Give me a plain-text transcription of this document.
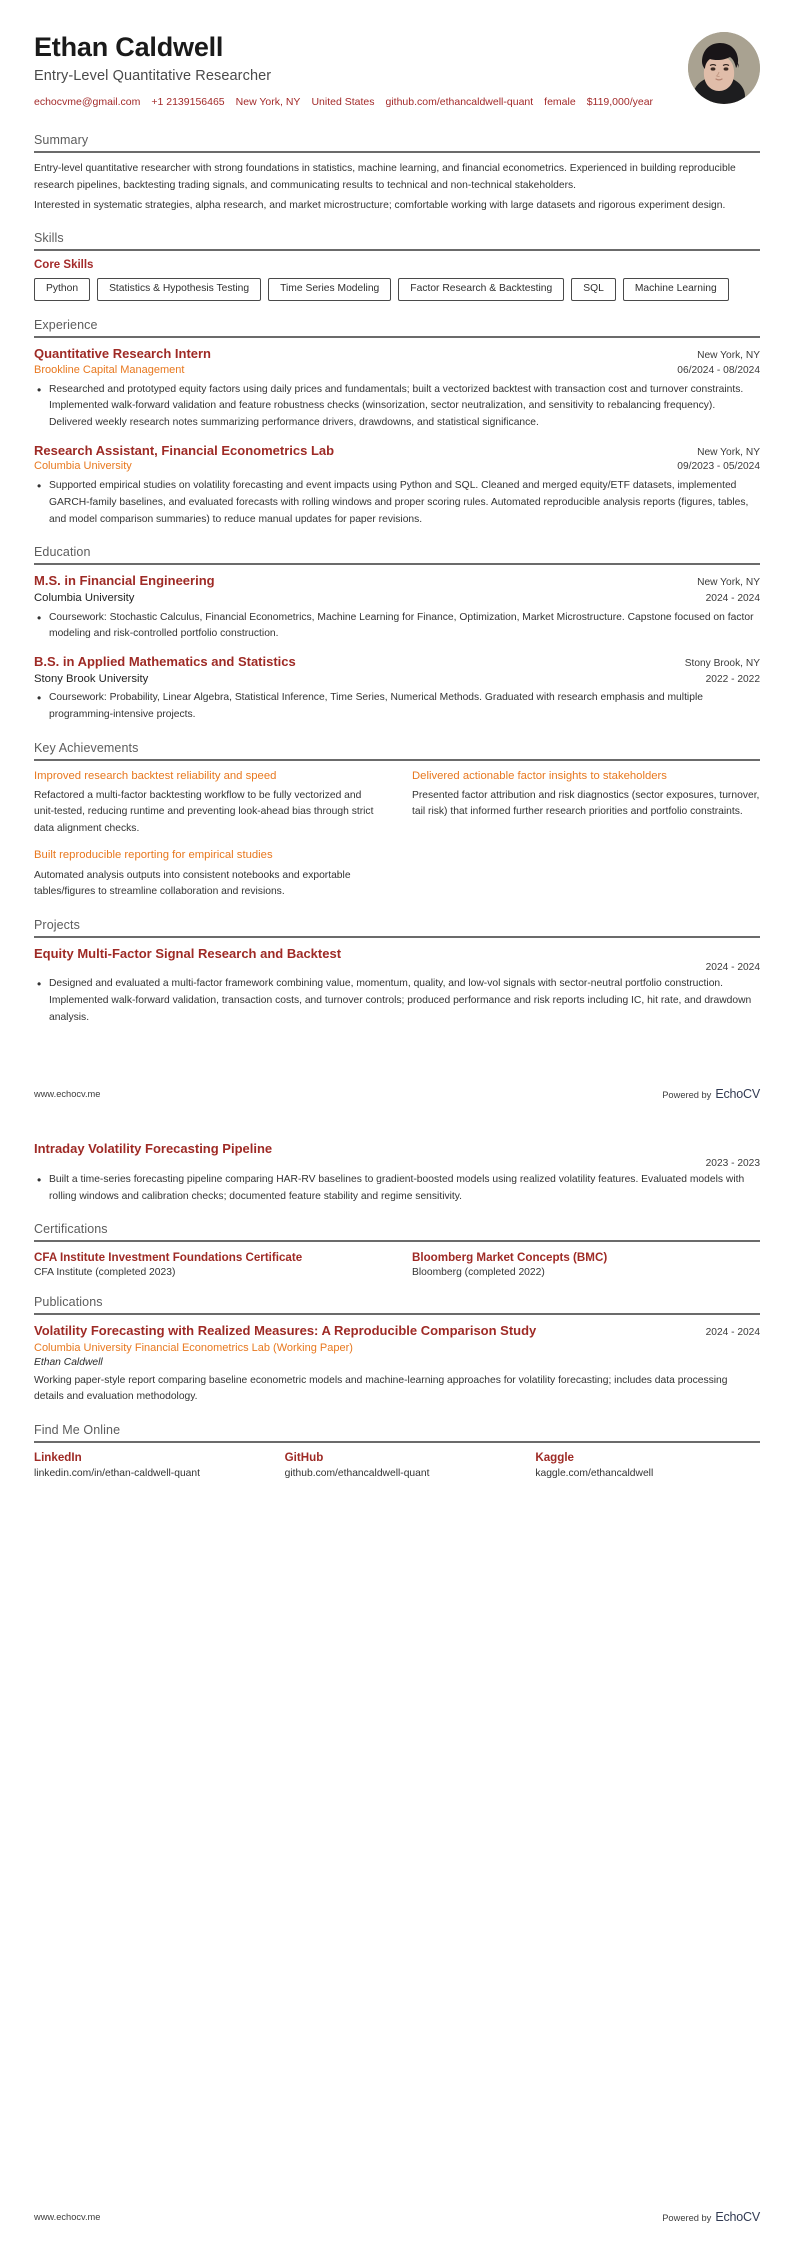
Ethan Caldwell
Entry-Level Quantitative Researcher
echocvme@gmail.com +1 2139156465 New York, NY United States github.com/ethancaldwell-quant female $119,000/year
Summary

Entry-level quantitative researcher with strong foundations in statistics, machine learning, and financial econometrics. Experienced in building reproducible research pipelines, backtesting trading signals, and communicating results to technical and non-technical stakeholders.

Interested in systematic strategies, alpha research, and market microstructure; comfortable working with large datasets and rigorous experiment design.

Skills
Core Skills
Python	Statistics & Hypothesis Testing	Time Series Modeling	Factor Research & Backtesting	SQL	Machine Learning
Experience
Quantitative Research Intern	New York, NY
Brookline Capital Management	06/2024 - 08/2024
• Researched and prototyped equity factors using daily prices and fundamentals; built a vectorized backtest with transaction cost and turnover constraints. Implemented walk-forward validation and feature robustness checks (winsorization, sector neutralization, and sensitivity to rebalancing frequency). Delivered weekly research notes summarizing performance drivers, drawdowns, and statistical significance.
Research Assistant, Financial Econometrics Lab	New York, NY
Columbia University	09/2023 - 05/2024
• Supported empirical studies on volatility forecasting and event impacts using Python and SQL. Cleaned and merged equity/ETF datasets, implemented GARCH-family baselines, and evaluated forecasts with rolling windows and proper scoring rules. Automated reproducible analysis reports (figures, tables, and model comparison summaries) to reduce manual updates for paper revisions.
Education
M.S. in Financial Engineering	New York, NY
Columbia University	2024 - 2024
• Coursework: Stochastic Calculus, Financial Econometrics, Machine Learning for Finance, Optimization, Market Microstructure. Capstone focused on factor modeling and risk-controlled portfolio construction.
B.S. in Applied Mathematics and Statistics	Stony Brook, NY
Stony Brook University	2022 - 2022
• Coursework: Probability, Linear Algebra, Statistical Inference, Time Series, Numerical Methods. Graduated with research emphasis and multiple programming-intensive projects.
Key Achievements
Improved research backtest reliability and speed
Refactored a multi-factor backtesting workflow to be fully vectorized and unit-tested, reducing runtime and preventing look-ahead bias through strict data alignment checks.
Delivered actionable factor insights to stakeholders
Presented factor attribution and risk diagnostics (sector exposures, turnover, tail risk) that informed further research priorities and portfolio constraints.
Built reproducible reporting for empirical studies
Automated analysis outputs into consistent notebooks and exportable tables/figures to streamline collaboration and revisions.
Projects
Equity Multi-Factor Signal Research and Backtest
2024 - 2024
• Designed and evaluated a multi-factor framework combining value, momentum, quality, and low-vol signals with sector-neutral portfolio construction. Implemented walk-forward validation, transaction costs, and turnover controls; produced performance and risk reports including IC, hit rate, and drawdown analysis.
www.echocv.me	Powered by EchoCV
Intraday Volatility Forecasting Pipeline
2023 - 2023
• Built a time-series forecasting pipeline comparing HAR-RV baselines to gradient-boosted models using realized volatility features. Evaluated models with rolling windows and calibration checks; documented feature stability and regime sensitivity.
Certifications
CFA Institute Investment Foundations Certificate
CFA Institute (completed 2023)
Bloomberg Market Concepts (BMC)
Bloomberg (completed 2022)
Publications
Volatility Forecasting with Realized Measures: A Reproducible Comparison Study	2024 - 2024
Columbia University Financial Econometrics Lab (Working Paper)
Ethan Caldwell
Working paper-style report comparing baseline econometric models and machine-learning approaches for volatility forecasting; includes data processing details and evaluation methodology.
Find Me Online
LinkedIn
linkedin.com/in/ethan-caldwell-quant
GitHub
github.com/ethancaldwell-quant
Kaggle
kaggle.com/ethancaldwell
www.echocv.me	Powered by EchoCV
